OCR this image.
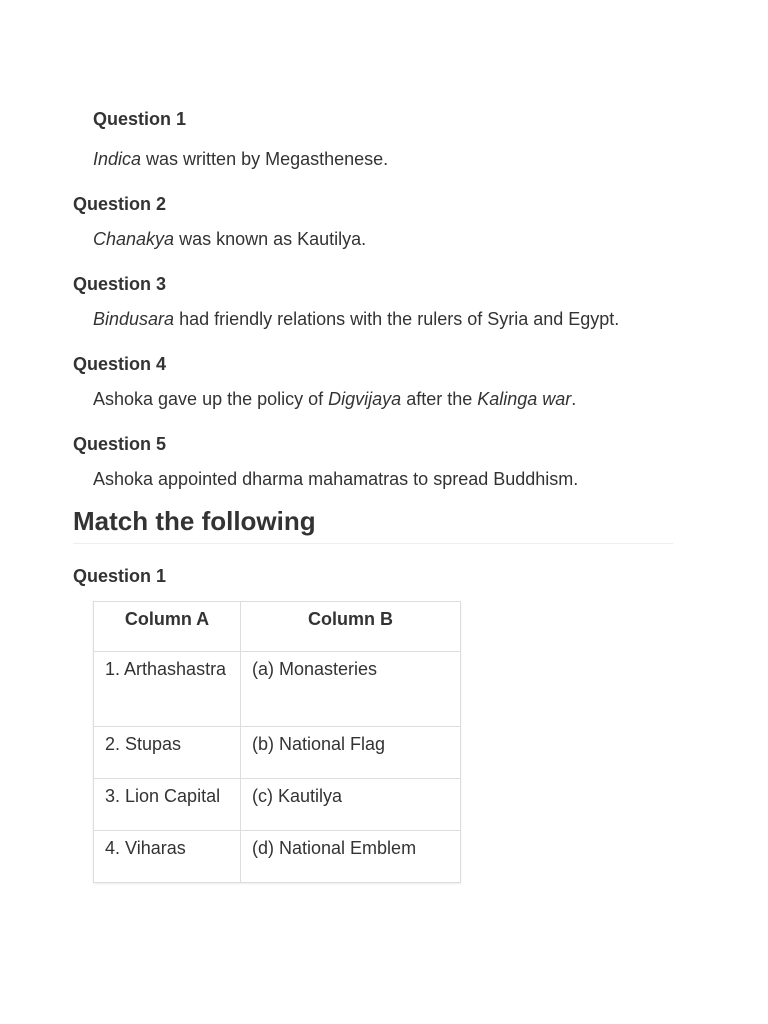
Question 1

Indica was written by Megasthenese.

Question 2

Chanakya was known as Kautilya.

Question 3

Bindusara had friendly relations with the rulers of Syria and Egypt.

Question 4

Ashoka gave up the policy of Digvijaya after the Kalinga war.

Question 5

Ashoka appointed dharma mahamatras to spread Buddhism.

Match the following
Question 1
Column A	Column B
1. Arthashastra	(a) Monasteries
2. Stupas	(b) National Flag
3. Lion Capital	(c) Kautilya
4. Viharas	(d) National Emblem
